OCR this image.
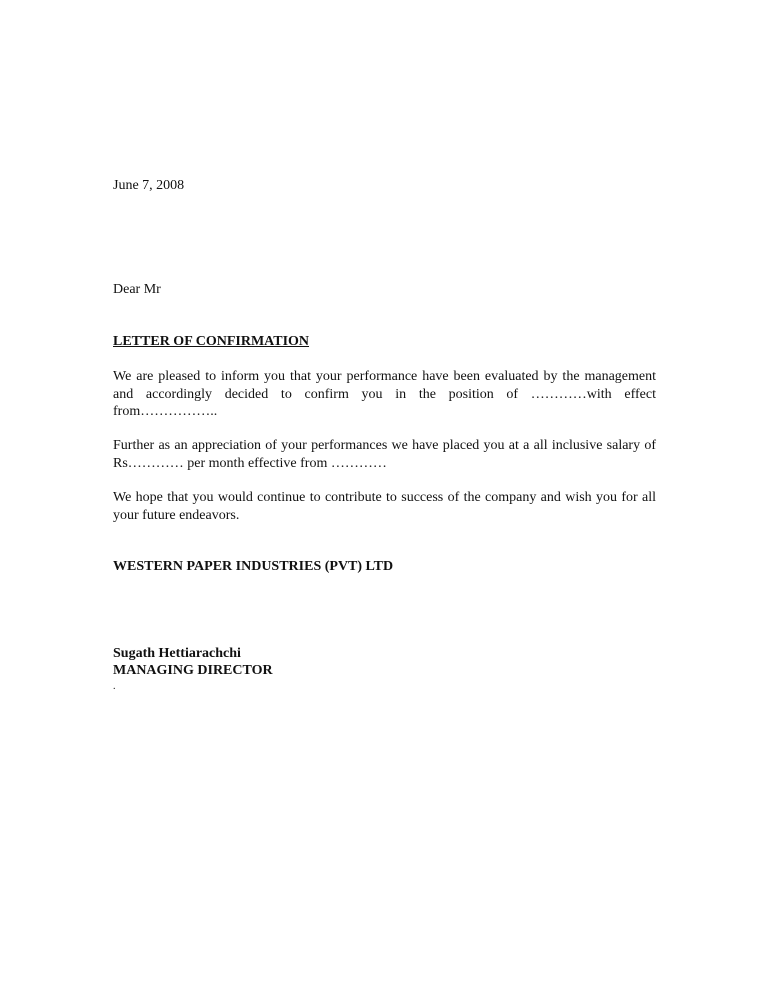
June 7, 2008

Dear Mr

LETTER OF CONFIRMATION

We are pleased to inform you that your performance have been evaluated by the management and accordingly decided to confirm you in the position of …………with effect from……………..

Further as an appreciation of your performances we have placed you at a all inclusive salary of Rs………… per month effective from …………

We hope that you would continue to contribute to success of the company and wish you for all your future endeavors.

WESTERN PAPER INDUSTRIES (PVT) LTD

Sugath Hettiarachchi

MANAGING DIRECTOR

.
